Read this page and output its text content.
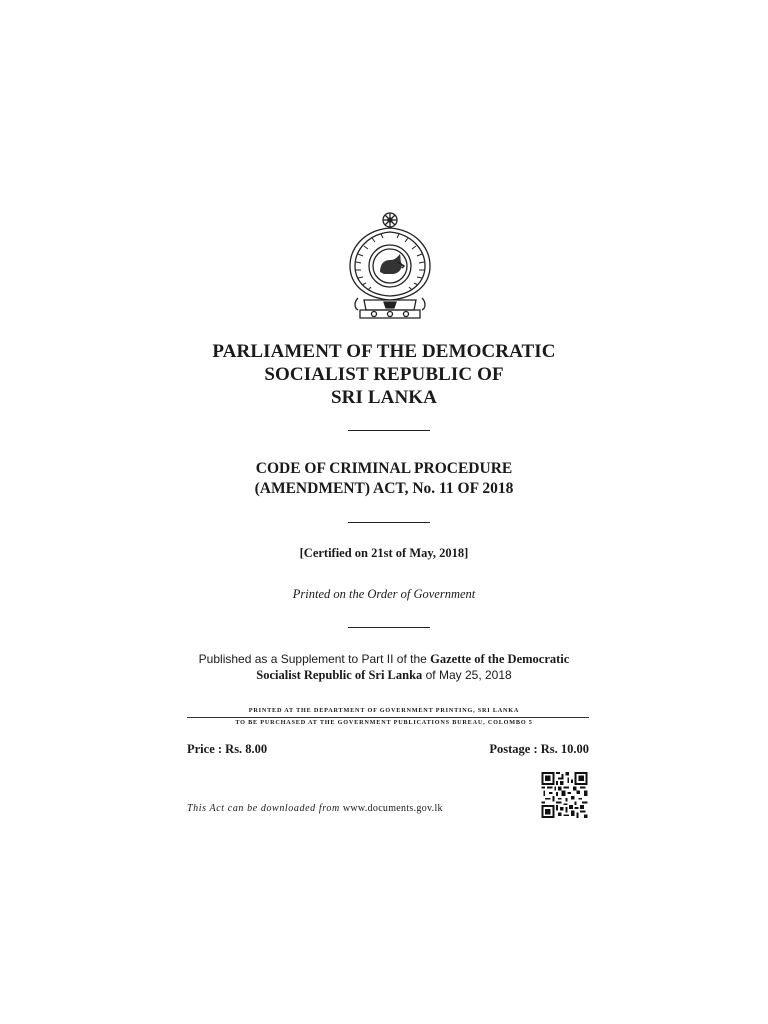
PARLIAMENT OF THE DEMOCRATIC
SOCIALIST REPUBLIC OF
SRI LANKA
CODE OF CRIMINAL PROCEDURE
(AMENDMENT) ACT, No. 11 OF 2018
[Certified on 21st of May, 2018]
Printed on the Order of Government
Published as a Supplement to Part II of the Gazette of the Democratic
Socialist Republic of Sri Lanka of May 25, 2018
PRINTED AT THE DEPARTMENT OF GOVERNMENT PRINTING, SRI LANKA
TO BE PURCHASED AT THE GOVERNMENT PUBLICATIONS BUREAU, COLOMBO 5
Price : Rs. 8.00	Postage : Rs. 10.00
This Act can be downloaded from www.documents.gov.lk
